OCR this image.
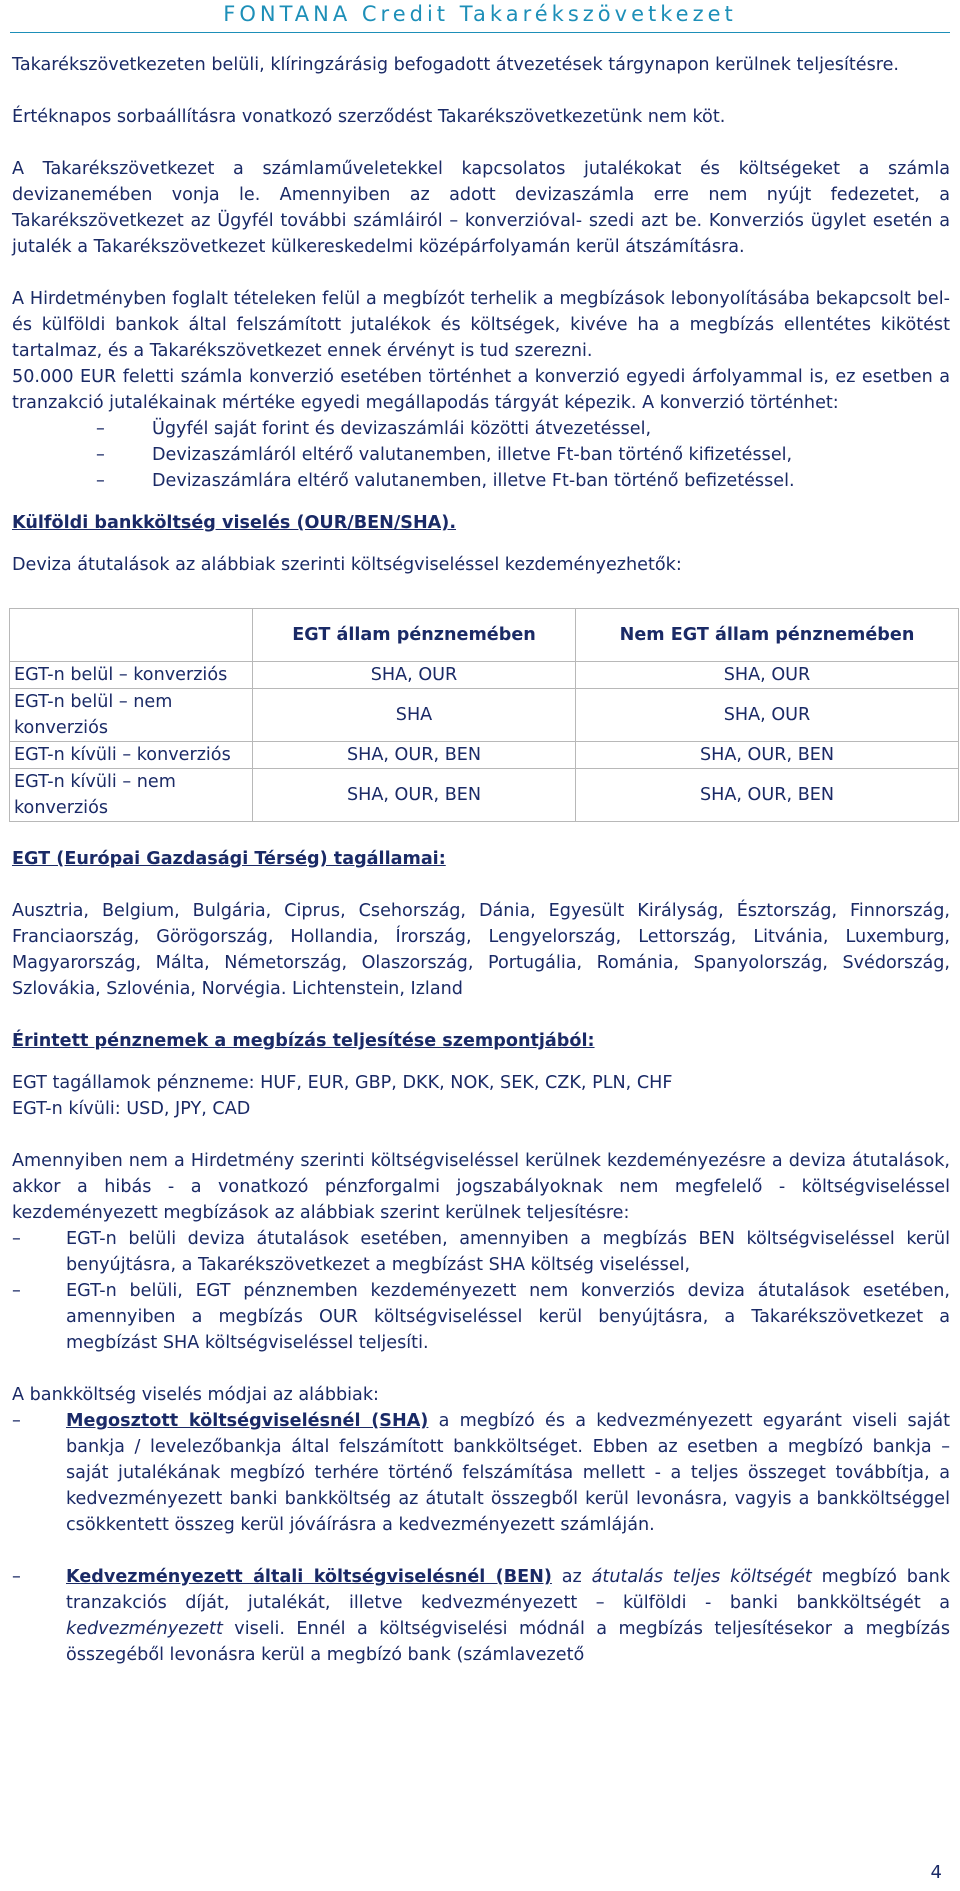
FONTANA Credit Takarékszövetkezet

Takarékszövetkezeten belüli, klíringzárásig befogadott átvezetések tárgynapon kerülnek teljesítésre.

Értéknapos sorbaállításra vonatkozó szerződést Takarékszövetkezetünk nem köt.

A Takarékszövetkezet a számlaműveletekkel kapcsolatos jutalékokat és költségeket a számla devizanemében vonja le. Amennyiben az adott devizaszámla erre nem nyújt fedezetet, a Takarékszövetkezet az Ügyfél további számláiról – konverzióval- szedi azt be. Konverziós ügylet esetén a jutalék a Takarékszövetkezet külkereskedelmi középárfolyamán kerül átszámításra.

A Hirdetményben foglalt tételeken felül a megbízót terhelik a megbízások lebonyolításába bekapcsolt bel- és külföldi bankok által felszámított jutalékok és költségek, kivéve ha a megbízás ellentétes kikötést tartalmaz, és a Takarékszövetkezet ennek érvényt is tud szerezni.

50.000 EUR feletti számla konverzió esetében történhet a konverzió egyedi árfolyammal is, ez esetben a tranzakció jutalékainak mértéke egyedi megállapodás tárgyát képezik. A konverzió történhet:

–	Ügyfél saját forint és devizaszámlái közötti átvezetéssel,
–	Devizaszámláról eltérő valutanemben, illetve Ft-ban történő kifizetéssel,
–	Devizaszámlára eltérő valutanemben, illetve Ft-ban történő befizetéssel.

Külföldi bankköltség viselés (OUR/BEN/SHA).

Deviza átutalások az alábbiak szerinti költségviseléssel kezdeményezhetők:

	EGT állam pénznemében	Nem EGT állam pénznemében
EGT-n belül – konverziós	SHA, OUR	SHA, OUR
EGT-n belül – nem konverziós	SHA	SHA, OUR
EGT-n kívüli – konverziós	SHA, OUR, BEN	SHA, OUR, BEN
EGT-n kívüli – nem konverziós	SHA, OUR, BEN	SHA, OUR, BEN

EGT (Európai Gazdasági Térség) tagállamai:

Ausztria, Belgium, Bulgária, Ciprus, Csehország, Dánia, Egyesült Királyság, Észtország, Finnország, Franciaország, Görögország, Hollandia, Írország, Lengyelország, Lettország, Litvánia, Luxemburg, Magyarország, Málta, Németország, Olaszország, Portugália, Románia, Spanyolország, Svédország, Szlovákia, Szlovénia, Norvégia. Lichtenstein, Izland

Érintett pénznemek a megbízás teljesítése szempontjából:

EGT tagállamok pénzneme: HUF, EUR, GBP, DKK, NOK, SEK, CZK, PLN, CHF

EGT-n kívüli: USD, JPY, CAD

Amennyiben nem a Hirdetmény szerinti költségviseléssel kerülnek kezdeményezésre a deviza átutalások, akkor a hibás - a vonatkozó pénzforgalmi jogszabályoknak nem megfelelő - költségviseléssel kezdeményezett megbízások az alábbiak szerint kerülnek teljesítésre:

–	EGT-n belüli deviza átutalások esetében, amennyiben a megbízás BEN költségviseléssel kerül benyújtásra, a Takarékszövetkezet a megbízást SHA költség viseléssel,
–	EGT-n belüli, EGT pénznemben kezdeményezett nem konverziós deviza átutalások esetében, amennyiben a megbízás OUR költségviseléssel kerül benyújtásra, a Takarékszövetkezet a megbízást SHA költségviseléssel teljesíti.

A bankköltség viselés módjai az alábbiak:

–	Megosztott költségviselésnél (SHA) a megbízó és a kedvezményezett egyaránt viseli saját bankja / levelezőbankja által felszámított bankköltséget. Ebben az esetben a megbízó bankja – saját jutalékának megbízó terhére történő felszámítása mellett - a teljes összeget továbbítja, a kedvezményezett banki bankköltség az átutalt összegből kerül levonásra, vagyis a bankköltséggel csökkentett összeg kerül jóváírásra a kedvezményezett számláján.
–	Kedvezményezett általi költségviselésnél (BEN) az átutalás teljes költségét megbízó bank tranzakciós díját, jutalékát, illetve kedvezményezett – külföldi - banki bankköltségét a kedvezményezett viseli. Ennél a költségviselési módnál a megbízás teljesítésekor a megbízás összegéből levonásra kerül a megbízó bank (számlavezető
4
